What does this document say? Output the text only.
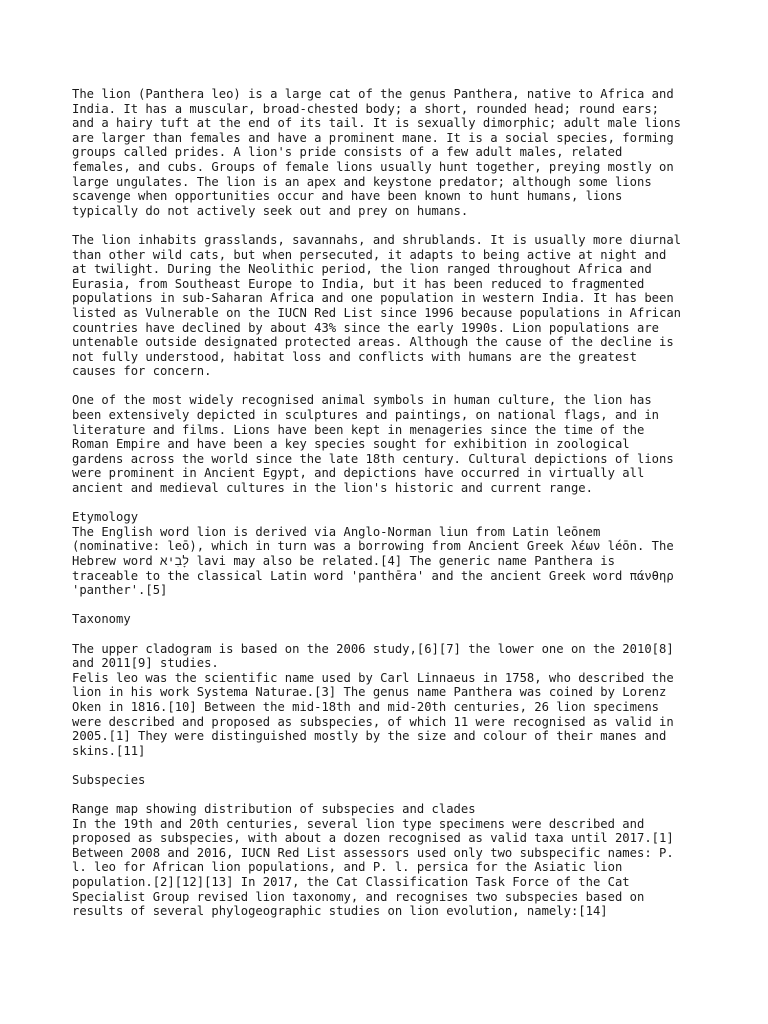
The lion (Panthera leo) is a large cat of the genus Panthera, native to Africa and
India. It has a muscular, broad-chested body; a short, rounded head; round ears;
and a hairy tuft at the end of its tail. It is sexually dimorphic; adult male lions
are larger than females and have a prominent mane. It is a social species, forming
groups called prides. A lion's pride consists of a few adult males, related
females, and cubs. Groups of female lions usually hunt together, preying mostly on
large ungulates. The lion is an apex and keystone predator; although some lions
scavenge when opportunities occur and have been known to hunt humans, lions
typically do not actively seek out and prey on humans.
The lion inhabits grasslands, savannahs, and shrublands. It is usually more diurnal
than other wild cats, but when persecuted, it adapts to being active at night and
at twilight. During the Neolithic period, the lion ranged throughout Africa and
Eurasia, from Southeast Europe to India, but it has been reduced to fragmented
populations in sub-Saharan Africa and one population in western India. It has been
listed as Vulnerable on the IUCN Red List since 1996 because populations in African
countries have declined by about 43% since the early 1990s. Lion populations are
untenable outside designated protected areas. Although the cause of the decline is
not fully understood, habitat loss and conflicts with humans are the greatest
causes for concern.
One of the most widely recognised animal symbols in human culture, the lion has
been extensively depicted in sculptures and paintings, on national flags, and in
literature and films. Lions have been kept in menageries since the time of the
Roman Empire and have been a key species sought for exhibition in zoological
gardens across the world since the late 18th century. Cultural depictions of lions
were prominent in Ancient Egypt, and depictions have occurred in virtually all
ancient and medieval cultures in the lion's historic and current range.
Etymology
The English word lion is derived via Anglo-Norman liun from Latin leōnem
(nominative: leō), which in turn was a borrowing from Ancient Greek λέων léōn. The
Hebrew word לָבִיא lavi may also be related.[4] The generic name Panthera is
traceable to the classical Latin word 'panthēra' and the ancient Greek word πάνθηρ
'panther'.[5]
Taxonomy
The upper cladogram is based on the 2006 study,[6][7] the lower one on the 2010[8]
and 2011[9] studies.
Felis leo was the scientific name used by Carl Linnaeus in 1758, who described the
lion in his work Systema Naturae.[3] The genus name Panthera was coined by Lorenz
Oken in 1816.[10] Between the mid-18th and mid-20th centuries, 26 lion specimens
were described and proposed as subspecies, of which 11 were recognised as valid in
2005.[1] They were distinguished mostly by the size and colour of their manes and
skins.[11]
Subspecies
Range map showing distribution of subspecies and clades
In the 19th and 20th centuries, several lion type specimens were described and
proposed as subspecies, with about a dozen recognised as valid taxa until 2017.[1]
Between 2008 and 2016, IUCN Red List assessors used only two subspecific names: P.
l. leo for African lion populations, and P. l. persica for the Asiatic lion
population.[2][12][13] In 2017, the Cat Classification Task Force of the Cat
Specialist Group revised lion taxonomy, and recognises two subspecies based on
results of several phylogeographic studies on lion evolution, namely:[14]
